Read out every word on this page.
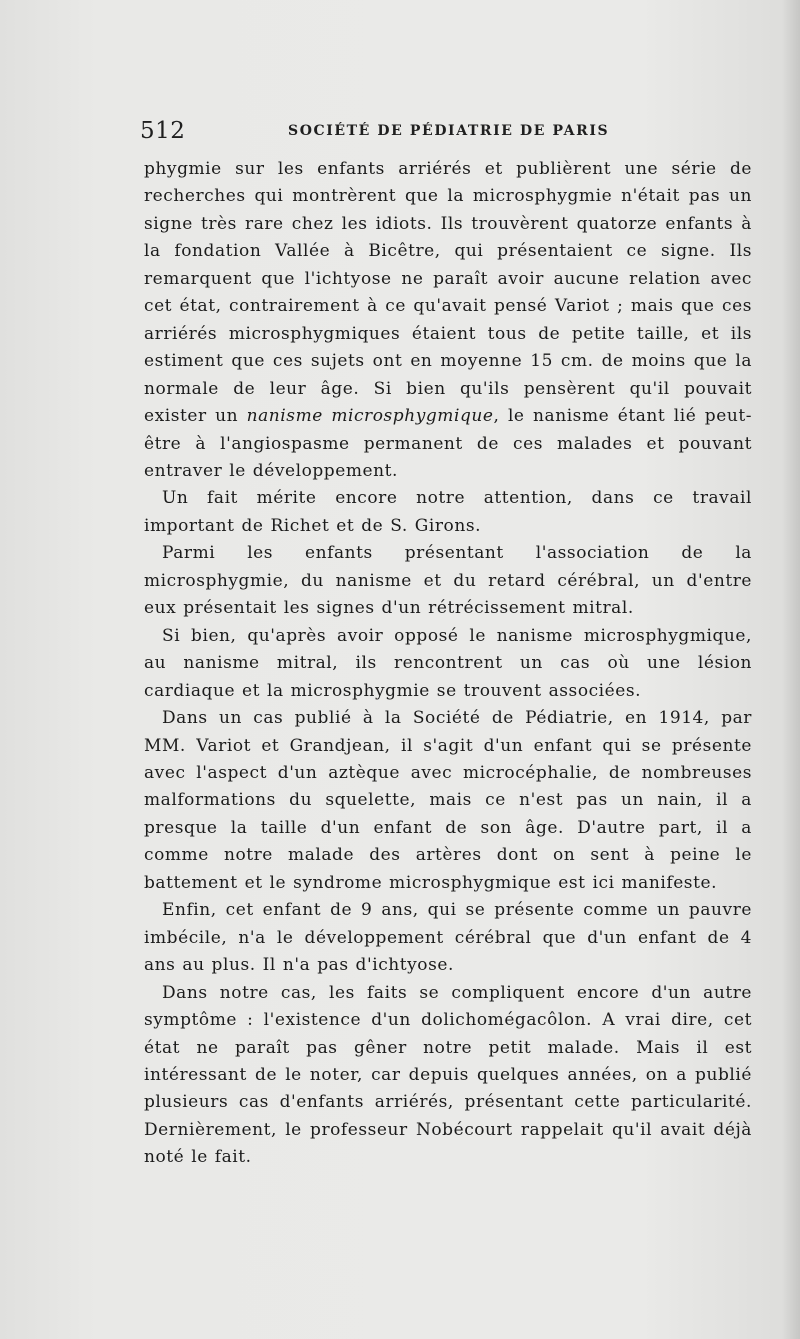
512	SOCIÉTÉ DE PÉDIATRIE DE PARIS

phygmie sur les enfants arriérés et publièrent une série de recherches qui montrèrent que la microsphygmie n'était pas un signe très rare chez les idiots. Ils trouvèrent quatorze enfants à la fondation Vallée à Bicêtre, qui présentaient ce signe. Ils remarquent que l'ichtyose ne paraît avoir aucune relation avec cet état, contrairement à ce qu'avait pensé Variot ; mais que ces arriérés microsphygmiques étaient tous de petite taille, et ils estiment que ces sujets ont en moyenne 15 cm. de moins que la normale de leur âge. Si bien qu'ils pensèrent qu'il pouvait exister un nanisme microsphygmique, le nanisme étant lié peut-être à l'angiospasme permanent de ces malades et pouvant entraver le développement.

Un fait mérite encore notre attention, dans ce travail important de Richet et de S. Girons.

Parmi les enfants présentant l'association de la microsphygmie, du nanisme et du retard cérébral, un d'entre eux présentait les signes d'un rétrécissement mitral.

Si bien, qu'après avoir opposé le nanisme microsphygmique, au nanisme mitral, ils rencontrent un cas où une lésion cardiaque et la microsphygmie se trouvent associées.

Dans un cas publié à la Société de Pédiatrie, en 1914, par MM. Variot et Grandjean, il s'agit d'un enfant qui se présente avec l'aspect d'un aztèque avec microcéphalie, de nombreuses malformations du squelette, mais ce n'est pas un nain, il a presque la taille d'un enfant de son âge. D'autre part, il a comme notre malade des artères dont on sent à peine le battement et le syndrome microsphygmique est ici manifeste.

Enfin, cet enfant de 9 ans, qui se présente comme un pauvre imbécile, n'a le développement cérébral que d'un enfant de 4 ans au plus. Il n'a pas d'ichtyose.

Dans notre cas, les faits se compliquent encore d'un autre symptôme : l'existence d'un dolichomégacôlon. A vrai dire, cet état ne paraît pas gêner notre petit malade. Mais il est intéressant de le noter, car depuis quelques années, on a publié plusieurs cas d'enfants arriérés, présentant cette particularité. Dernièrement, le professeur Nobécourt rappelait qu'il avait déjà noté le fait.
